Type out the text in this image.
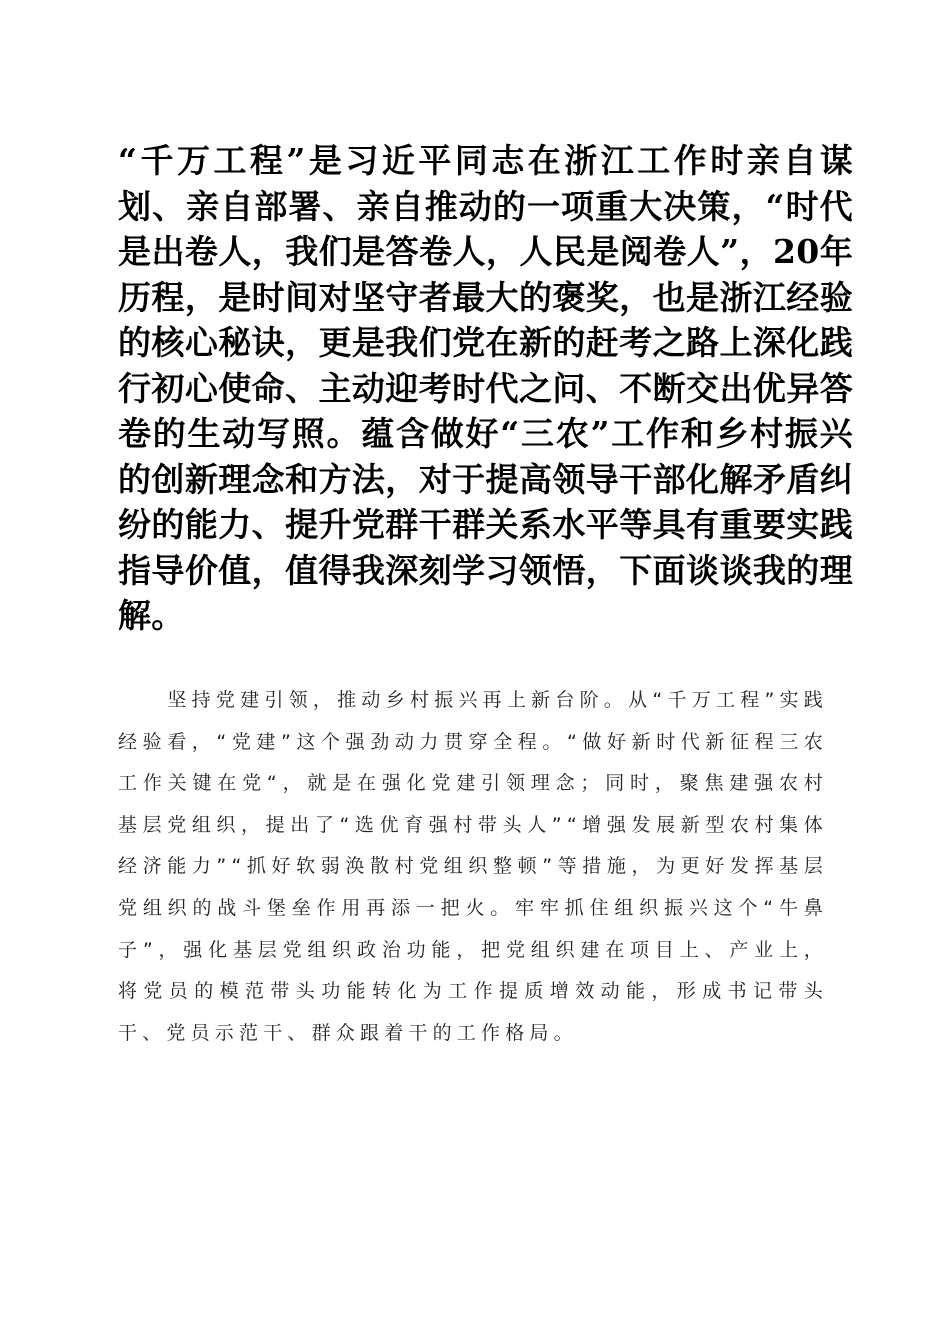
“千万工程”是习近平同志在浙江工作时亲自谋划、亲自部署、亲自推动的一项重大决策，“时代是出卷人，我们是答卷人，人民是阅卷人”，20年历程，是时间对坚守者最大的褒奖，也是浙江经验的核心秘诀，更是我们党在新的赶考之路上深化践行初心使命、主动迎考时代之问、不断交出优异答卷的生动写照。蕴含做好“三农”工作和乡村振兴的创新理念和方法，对于提高领导干部化解矛盾纠纷的能力、提升党群干群关系水平等具有重要实践指导价值，值得我深刻学习领悟，下面谈谈我的理解。

坚持党建引领，推动乡村振兴再上新台阶。从“千万工程”实践经验看，“党建”这个强劲动力贯穿全程。“做好新时代新征程三农工作关键在党“，就是在强化党建引领理念；同时，聚焦建强农村基层党组织，提出了“选优育强村带头人”“增强发展新型农村集体经济能力”“抓好软弱涣散村党组织整顿”等措施，为更好发挥基层党组织的战斗堡垒作用再添一把火。牢牢抓住组织振兴这个“牛鼻子”，强化基层党组织政治功能，把党组织建在项目上、产业上，将党员的模范带头功能转化为工作提质增效动能，形成书记带头干、党员示范干、群众跟着干的工作格局。
